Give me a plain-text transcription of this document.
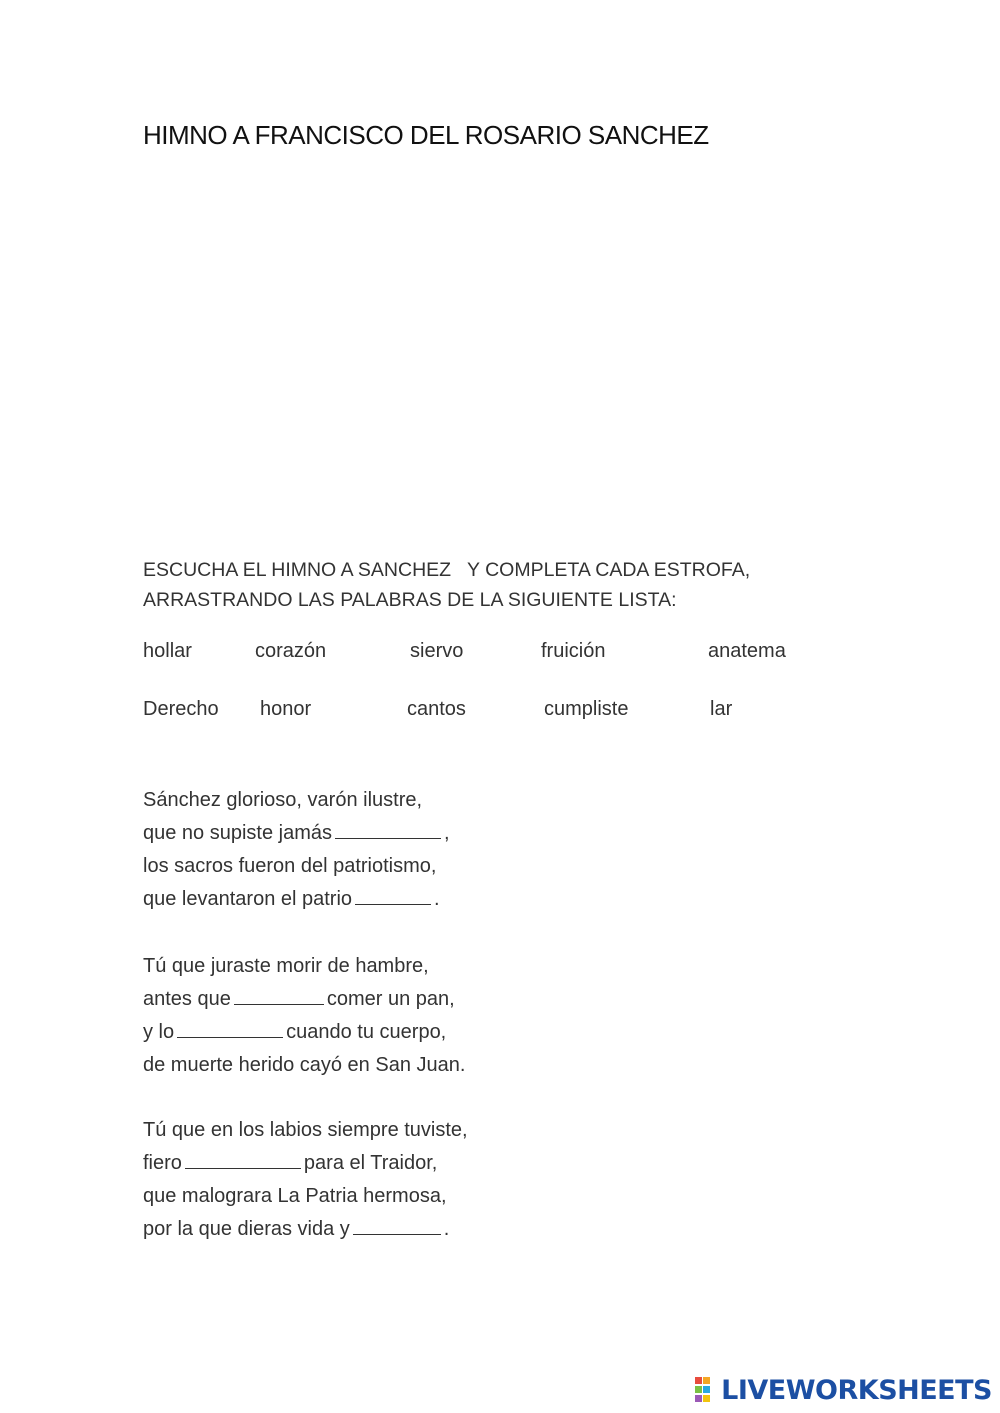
HIMNO A FRANCISCO DEL ROSARIO SANCHEZ
ESCUCHA EL HIMNO A SANCHEZ   Y COMPLETA CADA ESTROFA,
ARRASTRANDO LAS PALABRAS DE LA SIGUIENTE LISTA:
hollar	corazón	siervo	fruición	anatema
Derecho honor	cantos	cumpliste	lar
Sánchez glorioso, varón ilustre,
que no supiste jamás	,
los sacros fueron del patriotismo,
que levantaron el patrio	.
Tú que juraste morir de hambre,
antes que	comer un pan,
y lo	cuando tu cuerpo,
de muerte herido cayó en San Juan.
Tú que en los labios siempre tuviste,
fiero	para el Traidor,
que malograra La Patria hermosa,
por la que dieras vida y	.
LIVEWORKSHEETS
